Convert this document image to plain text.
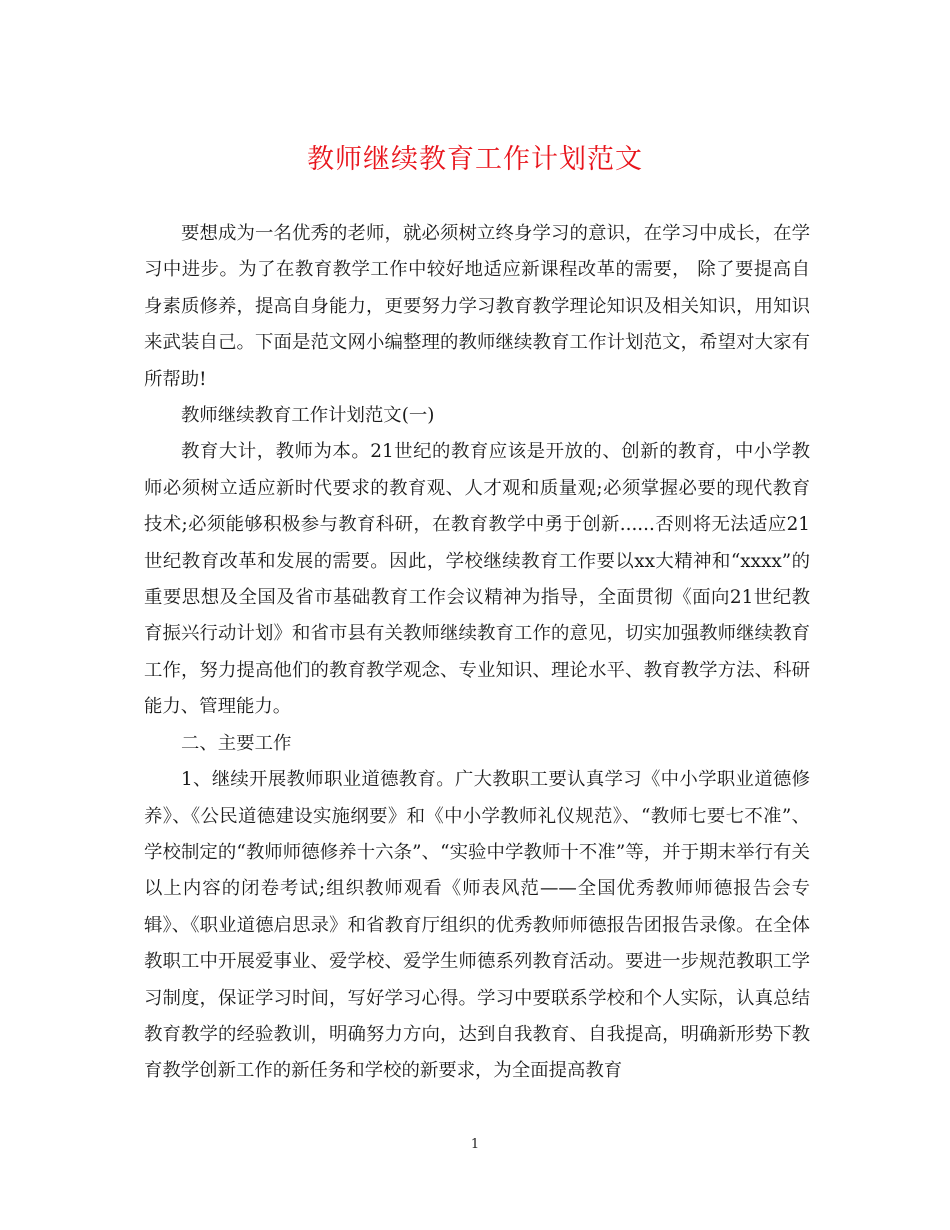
教师继续教育工作计划范文

要想成为一名优秀的老师，就必须树立终身学习的意识，在学习中成长，在学习中进步。为了在教育教学工作中较好地适应新课程改革的需要， 除了要提高自身素质修养，提高自身能力，更要努力学习教育教学理论知识及相关知识，用知识来武装自己。下面是范文网小编整理的教师继续教育工作计划范文，希望对大家有所帮助!

教师继续教育工作计划范文(一)

教育大计，教师为本。21世纪的教育应该是开放的、创新的教育，中小学教师必须树立适应新时代要求的教育观、人才观和质量观;必须掌握必要的现代教育技术;必须能够积极参与教育科研，在教育教学中勇于创新......否则将无法适应21世纪教育改革和发展的需要。因此，学校继续教育工作要以xx大精神和“xxxx”的重要思想及全国及省市基础教育工作会议精神为指导，全面贯彻《面向21世纪教育振兴行动计划》和省市县有关教师继续教育工作的意见，切实加强教师继续教育工作，努力提高他们的教育教学观念、专业知识、理论水平、教育教学方法、科研能力、管理能力。

二、主要工作

1、继续开展教师职业道德教育。广大教职工要认真学习《中小学职业道德修养》、《公民道德建设实施纲要》和《中小学教师礼仪规范》、“教师七要七不准”、学校制定的“教师师德修养十六条”、“实验中学教师十不准”等，并于期末举行有关以上内容的闭卷考试;组织教师观看《师表风范——全国优秀教师师德报告会专辑》、《职业道德启思录》和省教育厅组织的优秀教师师德报告团报告录像。在全体教职工中开展爱事业、爱学校、爱学生师德系列教育活动。要进一步规范教职工学习制度，保证学习时间，写好学习心得。学习中要联系学校和个人实际，认真总结教育教学的经验教训，明确努力方向，达到自我教育、自我提高，明确新形势下教育教学创新工作的新任务和学校的新要求，为全面提高教育

1
